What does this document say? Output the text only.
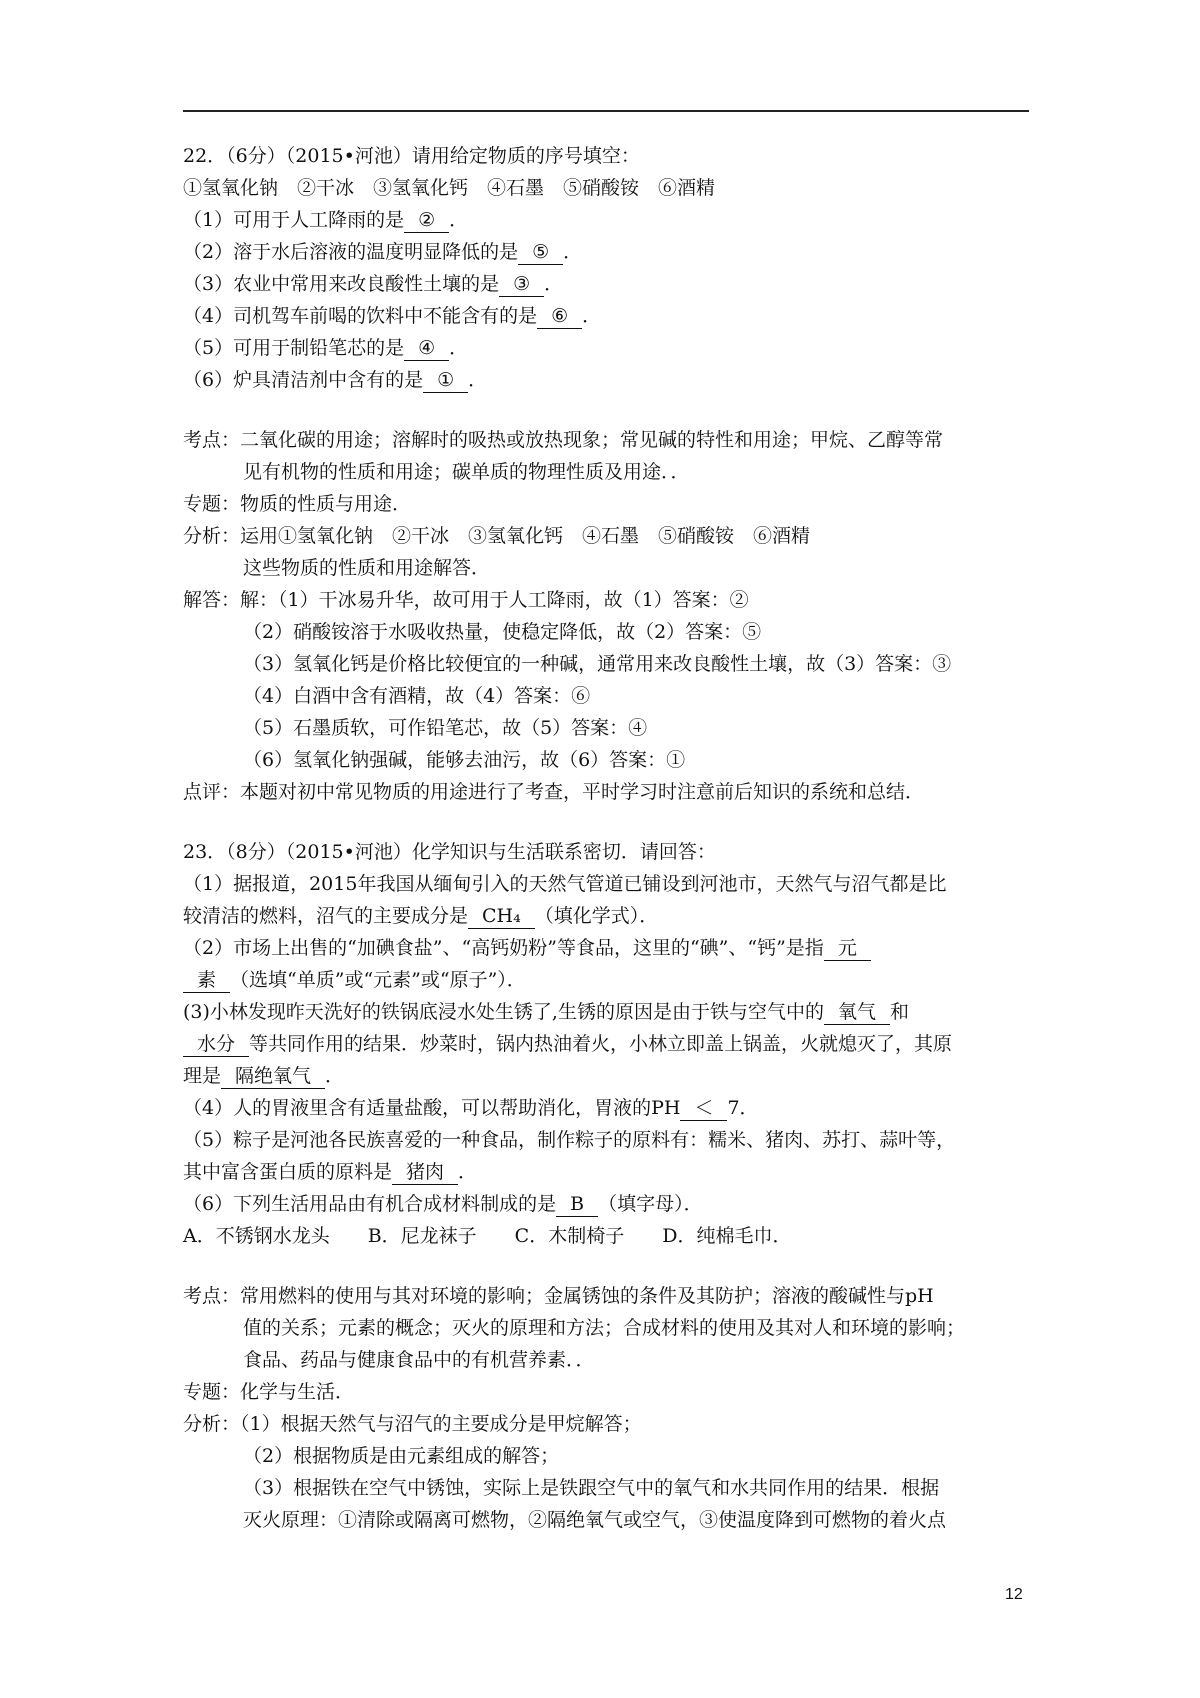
22．（6分）（2015•河池）请用给定物质的序号填空：
①氢氧化钠　②干冰　③氢氧化钙　④石墨　⑤硝酸铵　⑥酒精
（1）可用于人工降雨的是 ② ．
（2）溶于水后溶液的温度明显降低的是 ⑤ ．
（3）农业中常用来改良酸性土壤的是 ③ ．
（4）司机驾车前喝的饮料中不能含有的是 ⑥ ．
（5）可用于制铅笔芯的是 ④ ．
（6）炉具清洁剂中含有的是 ① ．
考点：二氧化碳的用途；溶解时的吸热或放热现象；常见碱的特性和用途；甲烷、乙醇等常
见有机物的性质和用途；碳单质的物理性质及用途．．
专题：物质的性质与用途．
分析：运用①氢氧化钠　②干冰　③氢氧化钙　④石墨　⑤硝酸铵　⑥酒精
这些物质的性质和用途解答．
解答：解：（1）干冰易升华，故可用于人工降雨，故（1）答案：②
（2）硝酸铵溶于水吸收热量，使稳定降低，故（2）答案：⑤
（3）氢氧化钙是价格比较便宜的一种碱，通常用来改良酸性土壤，故（3）答案：③
（4）白酒中含有酒精，故（4）答案：⑥
（5）石墨质软，可作铅笔芯，故（5）答案：④
（6）氢氧化钠强碱，能够去油污，故（6）答案：①
点评：本题对初中常见物质的用途进行了考查，平时学习时注意前后知识的系统和总结．
23．（8分）（2015•河池）化学知识与生活联系密切．请回答：
（1）据报道，2015年我国从缅甸引入的天然气管道已铺设到河池市，天然气与沼气都是比
较清洁的燃料，沼气的主要成分是 CH₄ （填化学式）．
（2）市场上出售的“加碘食盐”、“高钙奶粉”等食品，这里的“碘”、“钙”是指 元
素 （选填“单质”或“元素”或“原子”）．
(3)小林发现昨天洗好的铁锅底浸水处生锈了,生锈的原因是由于铁与空气中的 氧气 和
水分 等共同作用的结果．炒菜时，锅内热油着火，小林立即盖上锅盖，火就熄灭了，其原
理是 隔绝氧气 ．
（4）人的胃液里含有适量盐酸，可以帮助消化，胃液的PH ＜ 7．
（5）粽子是河池各民族喜爱的一种食品，制作粽子的原料有：糯米、猪肉、苏打、蒜叶等，
其中富含蛋白质的原料是 猪肉 ．
（6）下列生活用品由有机合成材料制成的是 B （填字母）．
A．不锈钢水龙头　　B．尼龙袜子　　C．木制椅子　　D．纯棉毛巾．
考点：常用燃料的使用与其对环境的影响；金属锈蚀的条件及其防护；溶液的酸碱性与pH
值的关系；元素的概念；灭火的原理和方法；合成材料的使用及其对人和环境的影响；
食品、药品与健康食品中的有机营养素．．
专题：化学与生活．
分析：（1）根据天然气与沼气的主要成分是甲烷解答；
（2）根据物质是由元素组成的解答；
（3）根据铁在空气中锈蚀，实际上是铁跟空气中的氧气和水共同作用的结果．根据
灭火原理：①清除或隔离可燃物，②隔绝氧气或空气，③使温度降到可燃物的着火点
12
